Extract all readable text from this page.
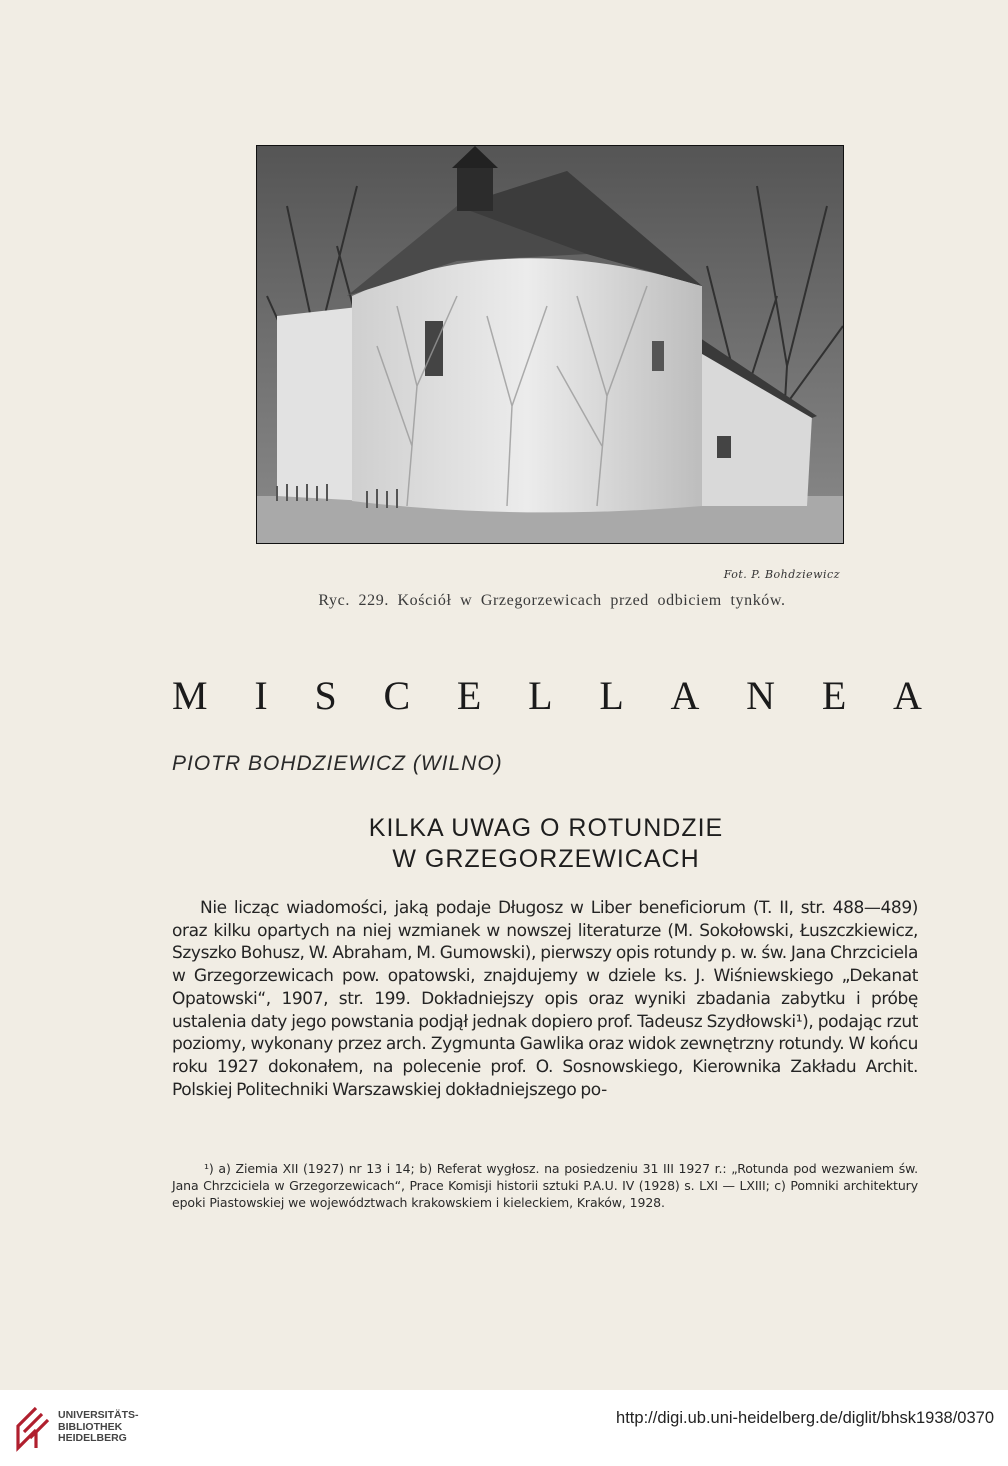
Fot. P. Bohdziewicz
Ryc. 229. Kościół w Grzegorzewicach przed odbiciem tynków.
M I S C E L L A N E A
PIOTR BOHDZIEWICZ (WILNO)
KILKA UWAG O ROTUNDZIE
W GRZEGORZEWICACH
Nie licząc wiadomości, jaką podaje Długosz w Liber beneficiorum (T. II, str. 488—489) oraz kilku opartych na niej wzmianek w nowszej literaturze (M. Sokołowski, Łuszczkiewicz, Szyszko Bohusz, W. Abraham, M. Gumowski), pierwszy opis rotundy p. w. św. Jana Chrzciciela w Grzegorzewicach pow. opatowski, znajdujemy w dziele ks. J. Wiśniewskiego „Dekanat Opatowski“, 1907, str. 199. Dokładniejszy opis oraz wyniki zbadania zabytku i próbę ustalenia daty jego powstania podjął jednak dopiero prof. Tadeusz Szydłowski¹), podając rzut poziomy, wykonany przez arch. Zygmunta Gawlika oraz widok zewnętrzny rotundy. W końcu roku 1927 dokonałem, na polecenie prof. O. Sosnowskiego, Kierownika Zakładu Archit. Polskiej Politechniki Warszawskiej dokładniejszego po-
¹) a) Ziemia XII (1927) nr 13 i 14; b) Referat wygłosz. na posiedzeniu 31 III 1927 r.: „Rotunda pod wezwaniem św. Jana Chrzciciela w Grzegorzewicach“, Prace Komisji historii sztuki P.A.U. IV (1928) s. LXI — LXIII; c) Pomniki architektury epoki Piastowskiej we województwach krakowskiem i kieleckiem, Kraków, 1928.
UNIVERSITÄTS-
BIBLIOTHEK
HEIDELBERG
http://digi.ub.uni-heidelberg.de/diglit/bhsk1938/0370
